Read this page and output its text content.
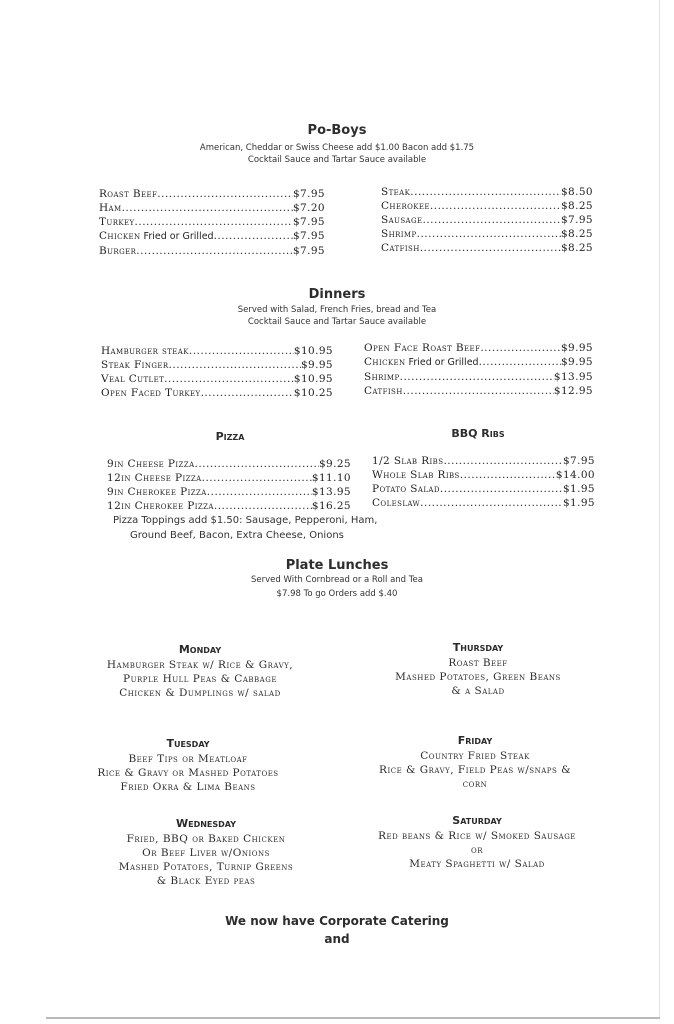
Po-Boys
American, Cheddar or Swiss Cheese add $1.00 Bacon add $1.75
Cocktail Sauce and Tartar Sauce available
Roast Beef .....	$7.95
Ham .....	$7.20
Turkey .....	$7.95
Chicken Fried or Grilled .....	$7.95
Burger .....	$7.95
Steak .....	$8.50
Cherokee .....	$8.25
Sausage .....	$7.95
Shrimp .....	$8.25
Catfish .....	$8.25
Dinners
Served with Salad, French Fries, bread and Tea
Cocktail Sauce and Tartar Sauce available
Hamburger steak .....	$10.95
Steak Finger .....	$9.95
Veal Cutlet .....	$10.95
Open Faced Turkey .....	$10.25
Open Face Roast Beef .....	$9.95
Chicken Fried or Grilled .....	$9.95
Shrimp .....	$13.95
Catfish .....	$12.95
Pizza
9in Cheese Pizza .....	$9.25
12in Cheese Pizza .....	$11.10
9in Cherokee Pizza .....	$13.95
12in Cherokee Pizza .....	$16.25
Pizza Toppings add $1.50: Sausage, Pepperoni, Ham,
Ground Beef, Bacon, Extra Cheese, Onions
BBQ Ribs
1/2 Slab Ribs .....	$7.95
Whole Slab Ribs .....	$14.00
Potato Salad .....	$1.95
Coleslaw .....	$1.95
Plate Lunches
Served With Cornbread or a Roll and Tea
$7.98 To go Orders add $.40
Monday
Hamburger Steak w/ Rice & Gravy,
Purple Hull Peas & Cabbage
Chicken & Dumplings w/ salad
Thursday
Roast Beef
Mashed Potatoes, Green Beans
& a Salad
Tuesday
Beef Tips or Meatloaf
Rice & Gravy or Mashed Potatoes
Fried Okra & Lima Beans
Friday
Country Fried Steak
Rice & Gravy, Field Peas w/snaps &
corn
Wednesday
Fried, BBQ or Baked Chicken
Or Beef Liver w/Onions
Mashed Potatoes, Turnip Greens
& Black Eyed peas
Saturday
Red beans & Rice w/ Smoked Sausage
or
Meaty Spaghetti w/ Salad
We now have Corporate Catering
and
